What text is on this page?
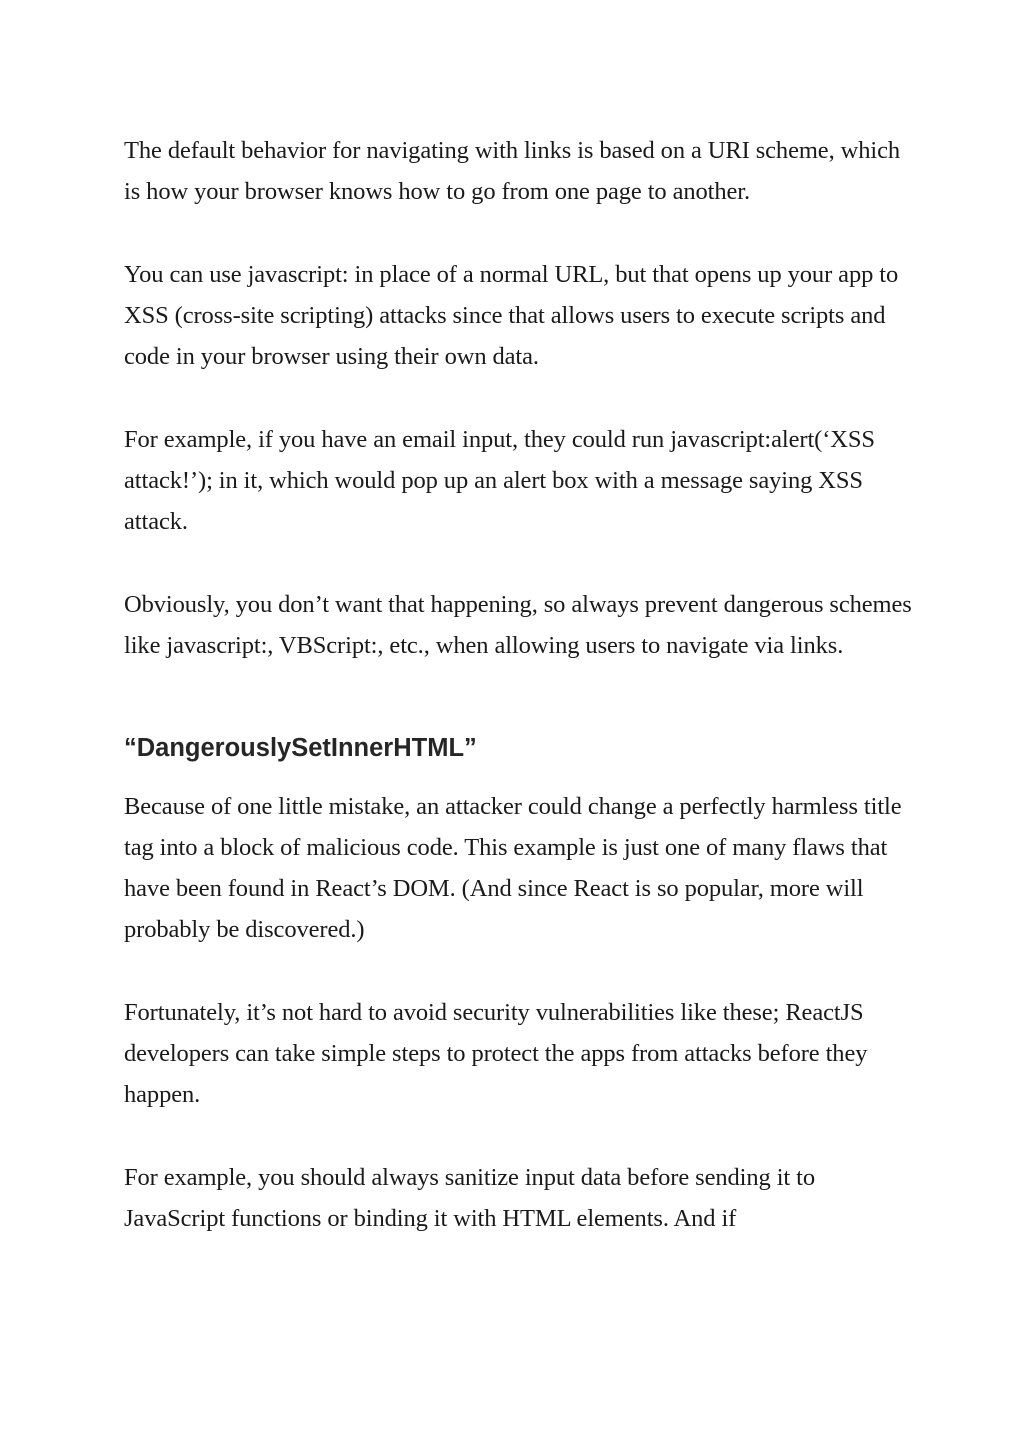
The default behavior for navigating with links is based on a URI scheme, which is how your browser knows how to go from one page to another.

You can use javascript: in place of a normal URL, but that opens up your app to XSS (cross-site scripting) attacks since that allows users to execute scripts and code in your browser using their own data.

For example, if you have an email input, they could run javascript:alert(‘XSS attack!’); in it, which would pop up an alert box with a message saying XSS attack.

Obviously, you don’t want that happening, so always prevent dangerous schemes like javascript:, VBScript:, etc., when allowing users to navigate via links.

“DangerouslySetInnerHTML”

Because of one little mistake, an attacker could change a perfectly harmless title tag into a block of malicious code. This example is just one of many flaws that have been found in React’s DOM. (And since React is so popular, more will probably be discovered.)

Fortunately, it’s not hard to avoid security vulnerabilities like these; ReactJS developers can take simple steps to protect the apps from attacks before they happen.

For example, you should always sanitize input data before sending it to JavaScript functions or binding it with HTML elements. And if
